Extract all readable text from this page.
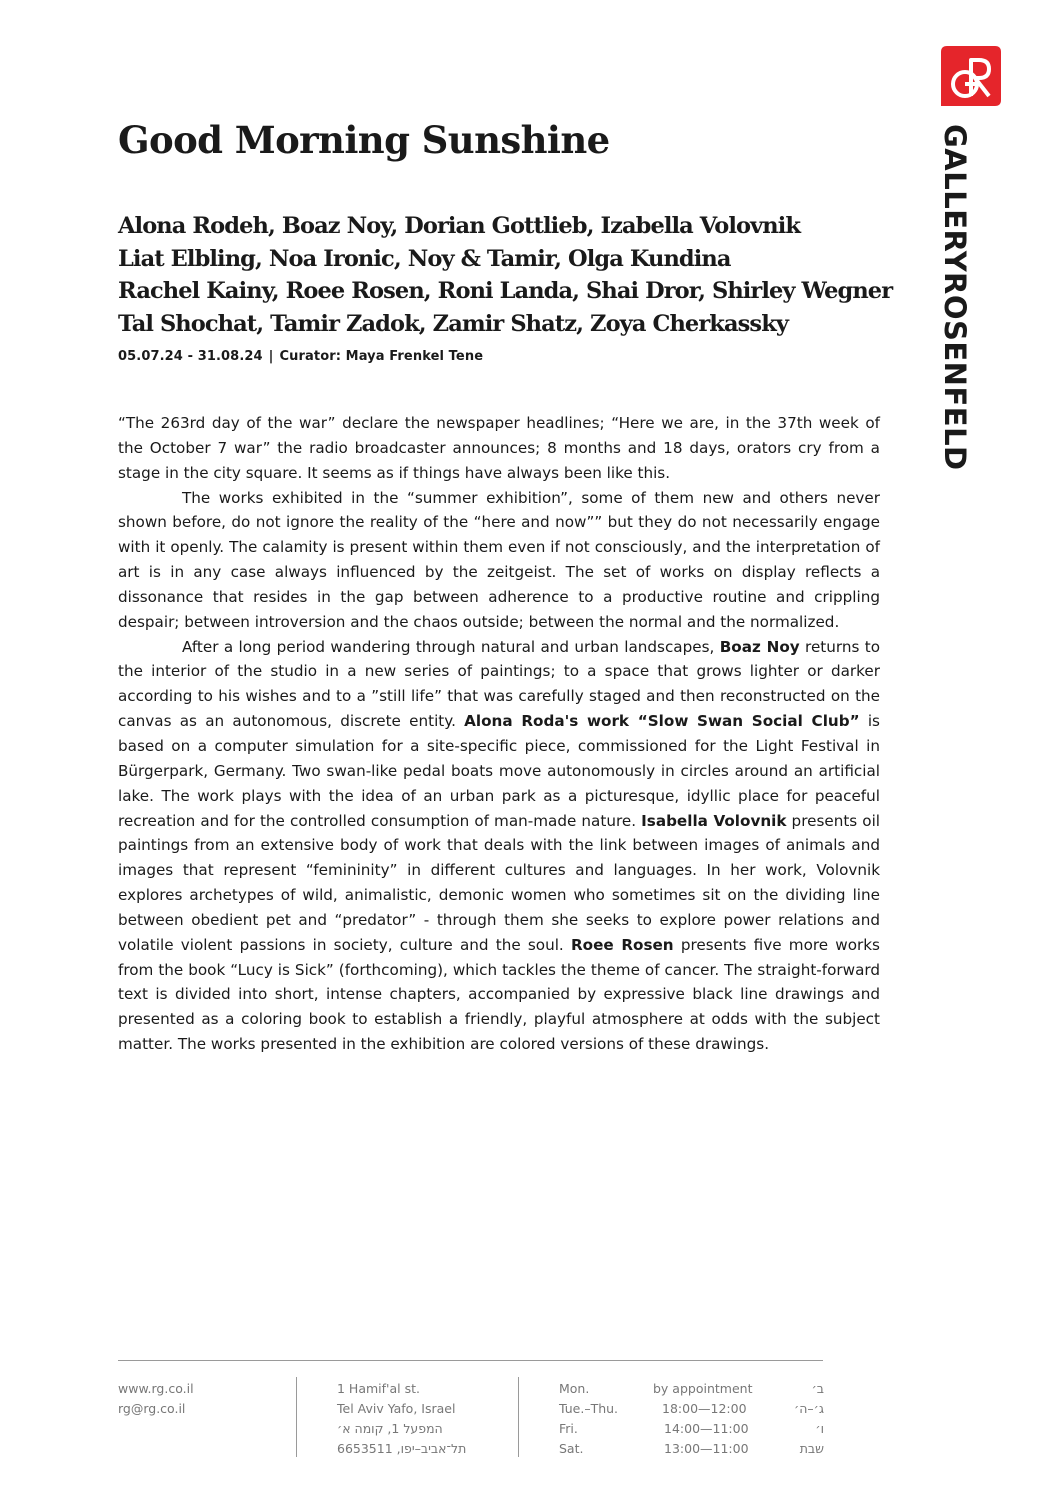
ROSENFELD
GALLERY
Good Morning Sunshine
Alona Rodeh, Boaz Noy, Dorian Gottlieb, Izabella Volovnik
Liat Elbling, Noa Ironic, Noy & Tamir, Olga Kundina
Rachel Kainy, Roee Rosen, Roni Landa, Shai Dror, Shirley Wegner
Tal Shochat, Tamir Zadok, Zamir Shatz, Zoya Cherkassky
05.07.24 - 31.08.24 | Curator: Maya Frenkel Tene

“The 263rd day of the war” declare the newspaper headlines; “Here we are, in the 37th week of the October 7 war” the radio broadcaster announces; 8 months and 18 days, orators cry from a stage in the city square. It seems as if things have always been like this.

The works exhibited in the “summer exhibition”, some of them new and others never shown before, do not ignore the reality of the “here and now”” but they do not necessarily engage with it openly. The calamity is present within them even if not consciously, and the interpretation of art is in any case always influenced by the zeitgeist. The set of works on display reflects a dissonance that resides in the gap between adherence to a productive routine and crippling despair; between introversion and the chaos outside; between the normal and the normalized.

After a long period wandering through natural and urban landscapes, Boaz Noy returns to the interior of the studio in a new series of paintings; to a space that grows lighter or darker according to his wishes and to a ”still life” that was carefully staged and then reconstructed on the canvas as an autonomous, discrete entity. Alona Roda's work “Slow Swan Social Club” is based on a computer simulation for a site-specific piece, commissioned for the Light Festival in Bürgerpark, Germany. Two swan-like pedal boats move autonomously in circles around an artificial lake. The work plays with the idea of an urban park as a picturesque, idyllic place for peaceful recreation and for the controlled consumption of man-made nature. Isabella Volovnik presents oil paintings from an extensive body of work that deals with the link between images of animals and images that represent “femininity” in different cultures and languages. In her work, Volovnik explores archetypes of wild, animalistic, demonic women who sometimes sit on the dividing line between obedient pet and “predator” - through them she seeks to explore power relations and volatile violent passions in society, culture and the soul. Roee Rosen presents five more works from the book “Lucy is Sick” (forthcoming), which tackles the theme of cancer. The straight-forward text is divided into short, intense chapters, accompanied by expressive black line drawings and presented as a coloring book to establish a friendly, playful atmosphere at odds with the subject matter. The works presented in the exhibition are colored versions of these drawings.

www.rg.co.il
rg@rg.co.il
1 Hamif'al st.
Tel Aviv Yafo, Israel
המפעל 1, קומה א׳
תל־אביב–יפו, 6653511
Mon.	by appointment	ב׳
Tue.–Thu.	18:00—12:00	ג׳–ה׳
Fri.	14:00—11:00	ו׳
Sat.	13:00—11:00	שבת
